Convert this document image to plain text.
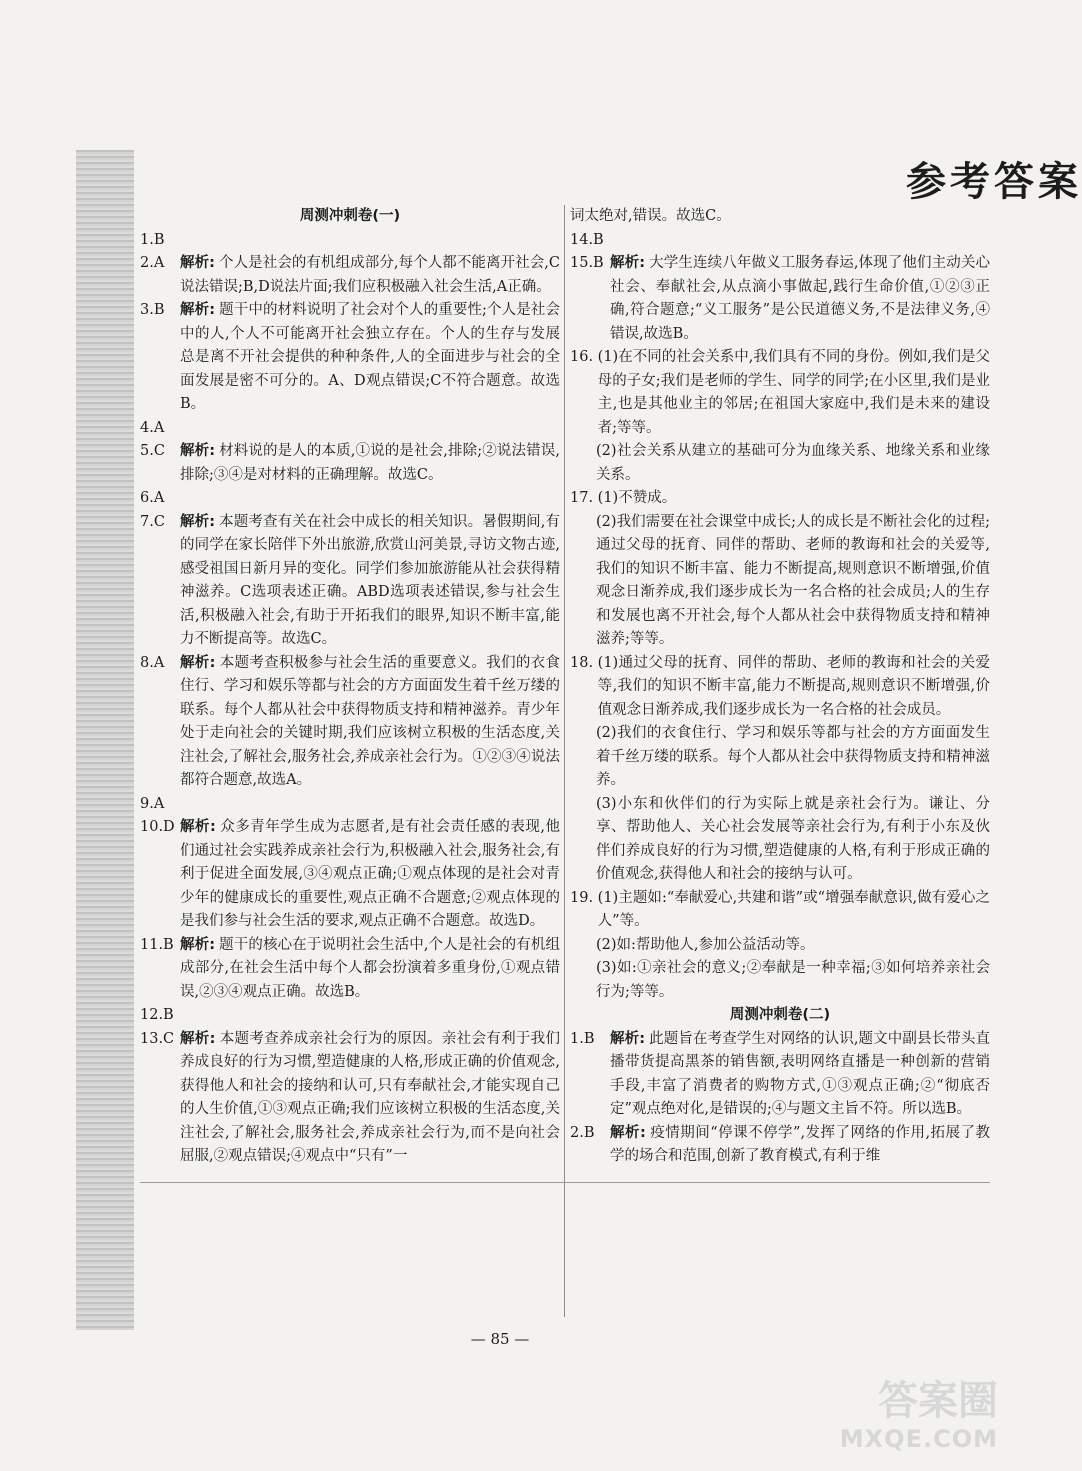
参考答案
周测冲刺卷(一)
1.B
2.A 解析: 个人是社会的有机组成部分,每个人都不能离开社会,C说法错误;B,D说法片面;我们应积极融入社会生活,A正确。
3.B 解析: 题干中的材料说明了社会对个人的重要性;个人是社会中的人,个人不可能离开社会独立存在。个人的生存与发展总是离不开社会提供的种种条件,人的全面进步与社会的全面发展是密不可分的。A、D观点错误;C不符合题意。故选B。
4.A
5.C 解析: 材料说的是人的本质,①说的是社会,排除;②说法错误,排除;③④是对材料的正确理解。故选C。
6.A
7.C 解析: 本题考查有关在社会中成长的相关知识。暑假期间,有的同学在家长陪伴下外出旅游,欣赏山河美景,寻访文物古迹,感受祖国日新月异的变化。同学们参加旅游能从社会获得精神滋养。C选项表述正确。ABD选项表述错误,参与社会生活,积极融入社会,有助于开拓我们的眼界,知识不断丰富,能力不断提高等。故选C。
8.A 解析: 本题考查积极参与社会生活的重要意义。我们的衣食住行、学习和娱乐等都与社会的方方面面发生着千丝万缕的联系。每个人都从社会中获得物质支持和精神滋养。青少年处于走向社会的关键时期,我们应该树立积极的生活态度,关注社会,了解社会,服务社会,养成亲社会行为。①②③④说法都符合题意,故选A。
9.A
10.D 解析: 众多青年学生成为志愿者,是有社会责任感的表现,他们通过社会实践养成亲社会行为,积极融入社会,服务社会,有利于促进全面发展,③④观点正确;①观点体现的是社会对青少年的健康成长的重要性,观点正确不合题意;②观点体现的是我们参与社会生活的要求,观点正确不合题意。故选D。
11.B 解析: 题干的核心在于说明社会生活中,个人是社会的有机组成部分,在社会生活中每个人都会扮演着多重身份,①观点错误,②③④观点正确。故选B。
12.B
13.C 解析: 本题考查养成亲社会行为的原因。亲社会有利于我们养成良好的行为习惯,塑造健康的人格,形成正确的价值观念,获得他人和社会的接纳和认可,只有奉献社会,才能实现自己的人生价值,①③观点正确;我们应该树立积极的生活态度,关注社会,了解社会,服务社会,养成亲社会行为,而不是向社会屈服,②观点错误;④观点中“只有”一
词太绝对,错误。故选C。
14.B
15.B 解析: 大学生连续八年做义工服务春运,体现了他们主动关心社会、奉献社会,从点滴小事做起,践行生命价值,①②③正确,符合题意;“义工服务”是公民道德义务,不是法律义务,④错误,故选B。
16. (1)在不同的社会关系中,我们具有不同的身份。例如,我们是父母的子女;我们是老师的学生、同学的同学;在小区里,我们是业主,也是其他业主的邻居;在祖国大家庭中,我们是未来的建设者;等等。
(2)社会关系从建立的基础可分为血缘关系、地缘关系和业缘关系。
17. (1)不赞成。
(2)我们需要在社会课堂中成长;人的成长是不断社会化的过程;通过父母的抚育、同伴的帮助、老师的教诲和社会的关爱等,我们的知识不断丰富、能力不断提高,规则意识不断增强,价值观念日渐养成,我们逐步成长为一名合格的社会成员;人的生存和发展也离不开社会,每个人都从社会中获得物质支持和精神滋养;等等。
18. (1)通过父母的抚育、同伴的帮助、老师的教诲和社会的关爱等,我们的知识不断丰富,能力不断提高,规则意识不断增强,价值观念日渐养成,我们逐步成长为一名合格的社会成员。
(2)我们的衣食住行、学习和娱乐等都与社会的方方面面发生着千丝万缕的联系。每个人都从社会中获得物质支持和精神滋养。
(3)小东和伙伴们的行为实际上就是亲社会行为。谦让、分享、帮助他人、关心社会发展等亲社会行为,有利于小东及伙伴们养成良好的行为习惯,塑造健康的人格,有利于形成正确的价值观念,获得他人和社会的接纳与认可。
19. (1)主题如:“奉献爱心,共建和谐”或“增强奉献意识,做有爱心之人”等。
(2)如:帮助他人,参加公益活动等。
(3)如:①亲社会的意义;②奉献是一种幸福;③如何培养亲社会行为;等等。
周测冲刺卷(二)
1.B 解析: 此题旨在考查学生对网络的认识,题文中副县长带头直播带货提高黑茶的销售额,表明网络直播是一种创新的营销手段,丰富了消费者的购物方式,①③观点正确;②“彻底否定”观点绝对化,是错误的;④与题文主旨不符。所以选B。
2.B 解析: 疫情期间“停课不停学”,发挥了网络的作用,拓展了教学的场合和范围,创新了教育模式,有利于维
— 85 —
答案圈
MXQE.COM
